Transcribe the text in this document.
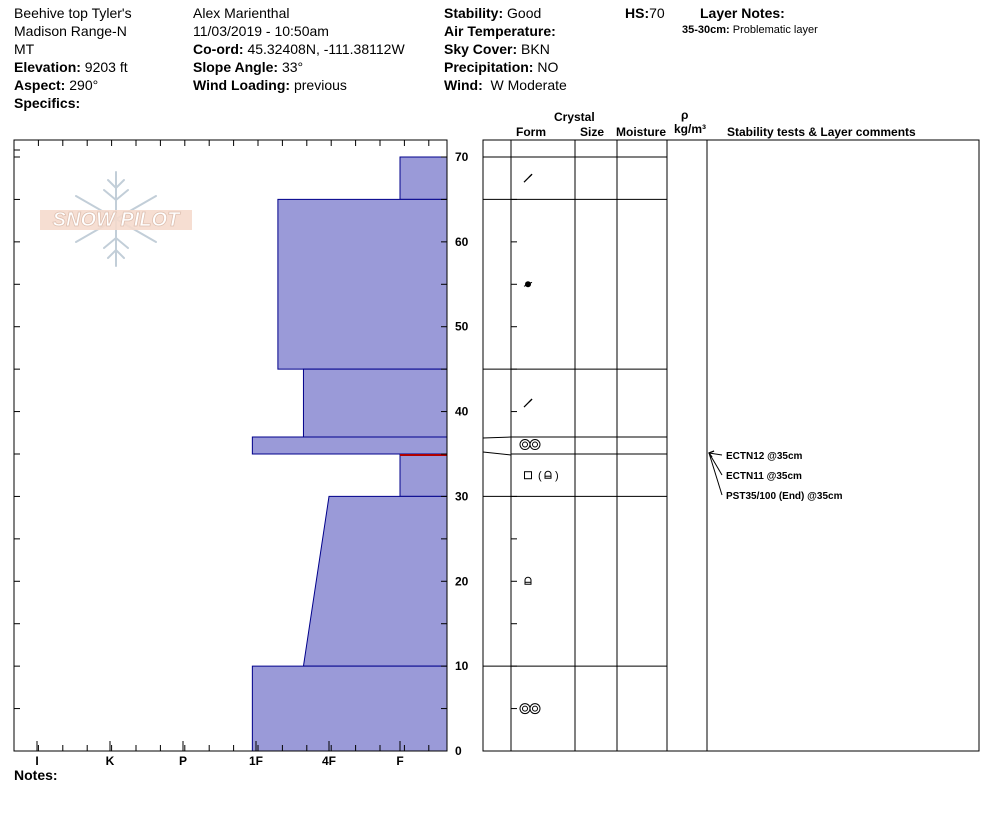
Beehive top Tyler's
Madison Range-N
MT
Elevation: 9203 ft
Aspect: 290°
Specifics:
Alex Marienthal
11/03/2019 - 10:50am
Co-ord: 45.32408N, -111.38112W
Slope Angle: 33°
Wind Loading: previous
Stability: Good
Air Temperature:
Sky Cover: BKN
Precipitation: NO
Wind: W Moderate
HS:70	Layer Notes:
35-30cm: Problematic layer
Crystal
Form	Size Moisture
ρ
kg/m³ Stability tests & Layer comments
Notes:
SNOW PILOT
I	K	P	1F	4F	F
0
10
20
30
40
50
60
70
( )
ECTN12 @35cm
ECTN11 @35cm
PST35/100 (End) @35cm
